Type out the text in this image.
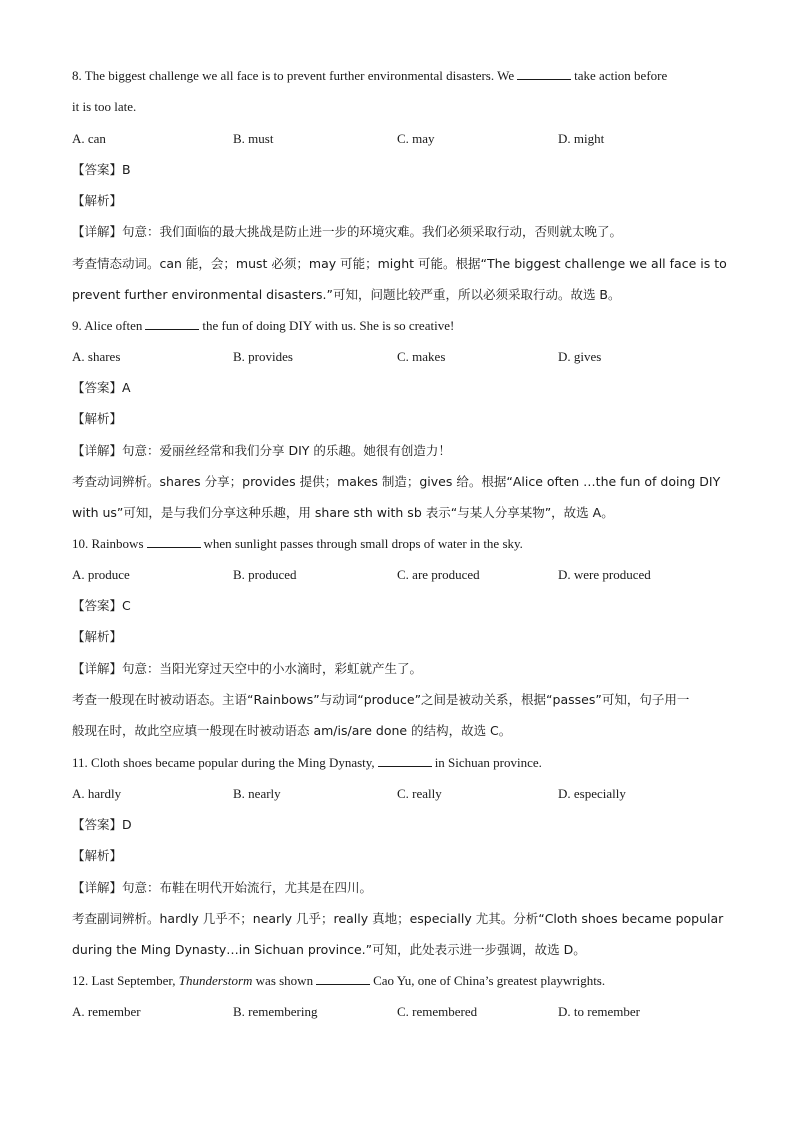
8. The biggest challenge we all face is to prevent further environmental disasters. We	take action before
it is too late.
A. can	B. must	C. may	D. might
【答案】B
【解析】
【详解】句意：我们面临的最大挑战是防止进一步的环境灾难。我们必须采取行动，否则就太晚了。
考查情态动词。can 能，会；must 必须；may 可能；might 可能。根据“The biggest challenge we all face is to
prevent further environmental disasters.”可知，问题比较严重，所以必须采取行动。故选 B。
9. Alice often	the fun of doing DIY with us. She is so creative!
A. shares	B. provides	C. makes	D. gives
【答案】A
【解析】
【详解】句意：爱丽丝经常和我们分享 DIY 的乐趣。她很有创造力！
考查动词辨析。shares 分享；provides 提供；makes 制造；gives 给。根据“Alice often …the fun of doing DIY
with us”可知，是与我们分享这种乐趣，用 share sth with sb 表示“与某人分享某物”，故选 A。
10. Rainbows	when sunlight passes through small drops of water in the sky.
A. produce	B. produced	C. are produced	D. were produced
【答案】C
【解析】
【详解】句意：当阳光穿过天空中的小水滴时，彩虹就产生了。
考查一般现在时被动语态。主语“Rainbows”与动词“produce”之间是被动关系，根据“passes”可知，句子用一
般现在时，故此空应填一般现在时被动语态 am/is/are done 的结构，故选 C。
11. Cloth shoes became popular during the Ming Dynasty,	in Sichuan province.
A. hardly	B. nearly	C. really	D. especially
【答案】D
【解析】
【详解】句意：布鞋在明代开始流行，尤其是在四川。
考查副词辨析。hardly 几乎不；nearly 几乎；really 真地；especially 尤其。分析“Cloth shoes became popular
during the Ming Dynasty…in Sichuan province.”可知，此处表示进一步强调，故选 D。
12. Last September, Thunderstorm was shown	Cao Yu, one of China’s greatest playwrights.
A. remember	B. remembering	C. remembered	D. to remember
